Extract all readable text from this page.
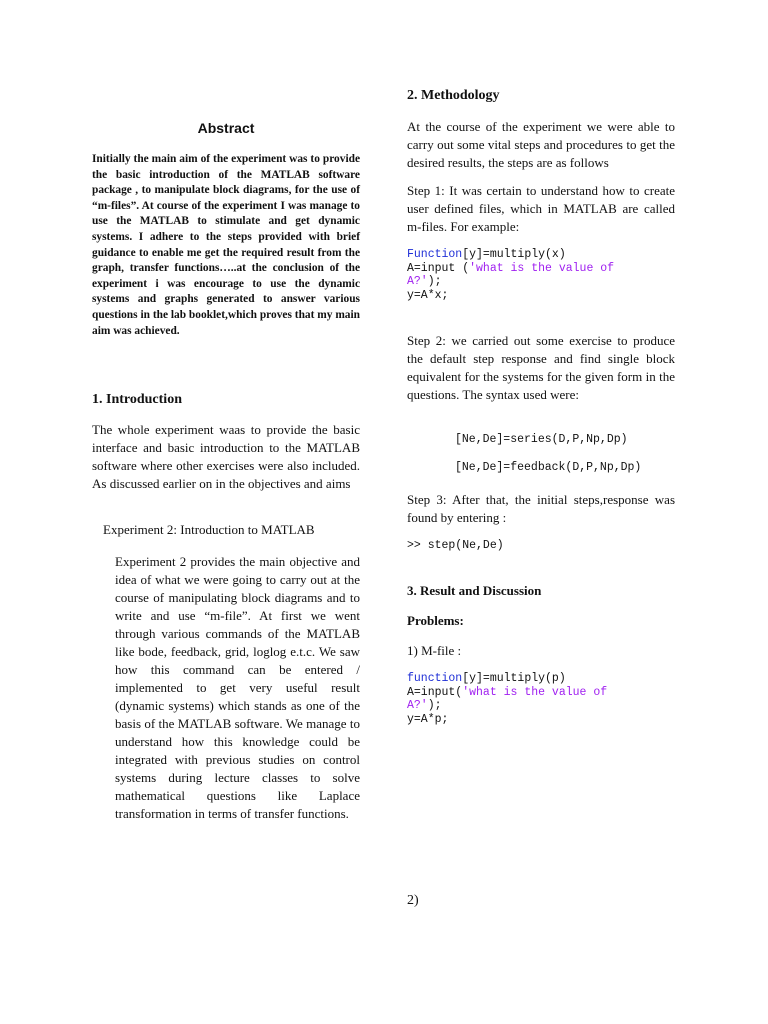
Abstract

Initially the main aim of the experiment was to provide the basic introduction of the MATLAB software package , to manipulate block diagrams, for the use of “m-files”. At course of the experiment I was manage to use the MATLAB to stimulate and get dynamic systems. I adhere to the steps provided with brief guidance to enable me get the required result from the graph, transfer functions…..at the conclusion of the experiment i was encourage to use the dynamic systems and graphs generated to answer various questions in the lab booklet,which proves that my main aim was achieved.

1. Introduction

The whole experiment waas to provide the basic interface and basic introduction to the MATLAB software where other exercises were also included. As discussed earlier on in the objectives and aims

Experiment 2: Introduction to MATLAB

Experiment 2 provides the main objective and idea of what we were going to carry out at the course of manipulating block diagrams and to write and use “m-file”. At first we went through various commands of the MATLAB like bode, feedback, grid, loglog e.t.c. We saw how this command can be entered / implemented to get very useful result (dynamic systems) which stands as one of the basis of the MATLAB software. We manage to understand how this knowledge could be integrated with previous studies on control systems during lecture classes to solve mathematical questions like Laplace transformation in terms of transfer functions.

2. Methodology

At the course of the experiment we were able to carry out some vital steps and procedures to get the desired results, the steps are as follows

Step 1: It was certain to understand how to create user defined files, which in MATLAB are called m-files. For example:

Function[y]=multiply(x)
A=input ('what is the value of
A?');
y=A*x;

Step 2: we carried out some exercise to produce the default step response and find single block equivalent for the systems for the given form in the questions. The syntax used were:

[Ne,De]=series(D,P,Np,Dp)
[Ne,De]=feedback(D,P,Np,Dp)

Step 3: After that, the initial steps,response was found by entering :

>> step(Ne,De)
3. Result and Discussion
Problems:
1) M-file :
function[y]=multiply(p)
A=input('what is the value of
A?');
y=A*p;
2)
